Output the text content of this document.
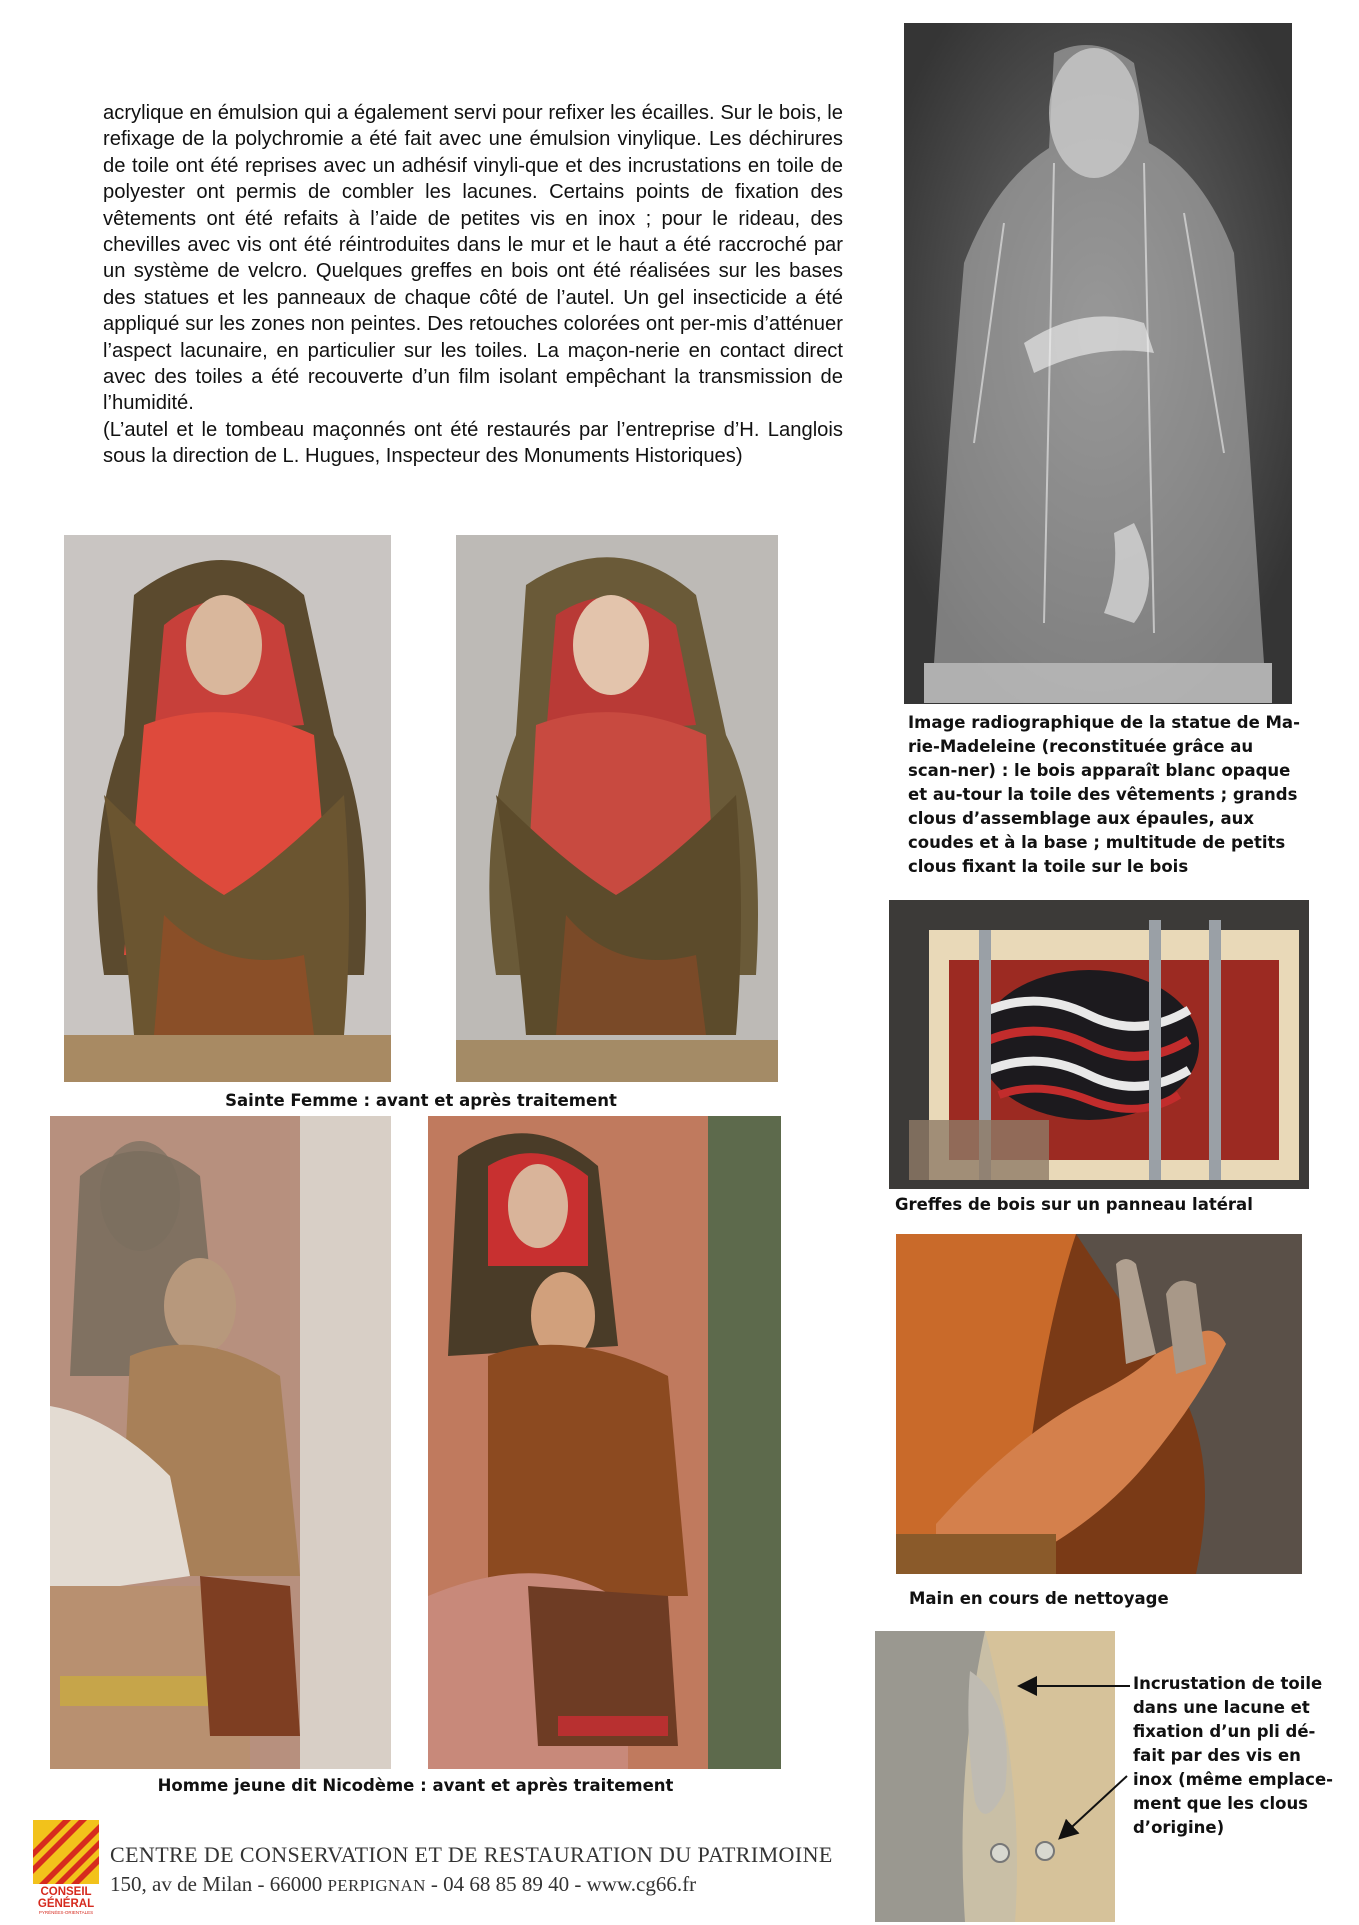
acrylique en émulsion qui a également servi pour refixer les écailles. Sur le bois, le refixage de la polychromie a été fait avec une émulsion vinylique. Les déchirures de toile ont été reprises avec un adhésif vinyli-que et des incrustations en toile de polyester ont permis de combler les lacunes. Certains points de fixation des vêtements ont été refaits à l’aide de petites vis en inox ; pour le rideau, des chevilles avec vis ont été réintroduites dans le mur et le haut a été raccroché par un système de velcro. Quelques greffes en bois ont été réalisées sur les bases des statues et les panneaux de chaque côté de l’autel. Un gel insecticide a été appliqué sur les zones non peintes. Des retouches colorées ont per-mis d’atténuer l’aspect lacunaire, en particulier sur les toiles. La maçon-nerie en contact direct avec des toiles a été recouverte d’un film isolant empêchant la transmission de l’humidité.

(L’autel et le tombeau maçonnés ont été restaurés par l’entreprise d’H. Langlois sous la direction de L. Hugues, Inspecteur des Monuments Historiques)

Image radiographique de la statue de Ma-rie-Madeleine (reconstituée grâce au scan-ner) : le bois apparaît blanc opaque et au-tour la toile des vêtements ; grands clous d’assemblage aux épaules, aux coudes et à la base ; multitude de petits clous fixant la toile sur le bois
Sainte Femme : avant et après traitement
Greffes de bois sur un panneau latéral
Homme jeune dit Nicodème : avant et après traitement
Main en cours de nettoyage
Incrustation de toile dans une lacune et fixation d’un pli dé-fait par des vis en inox (même emplace-ment que les clous d’origine)
CONSEIL
GÉNÉRAL
PYRÉNÉES-ORIENTALES
CENTRE DE CONSERVATION ET DE RESTAURATION DU PATRIMOINE
150, av de Milan - 66000 PERPIGNAN - 04 68 85 89 40 - www.cg66.fr
